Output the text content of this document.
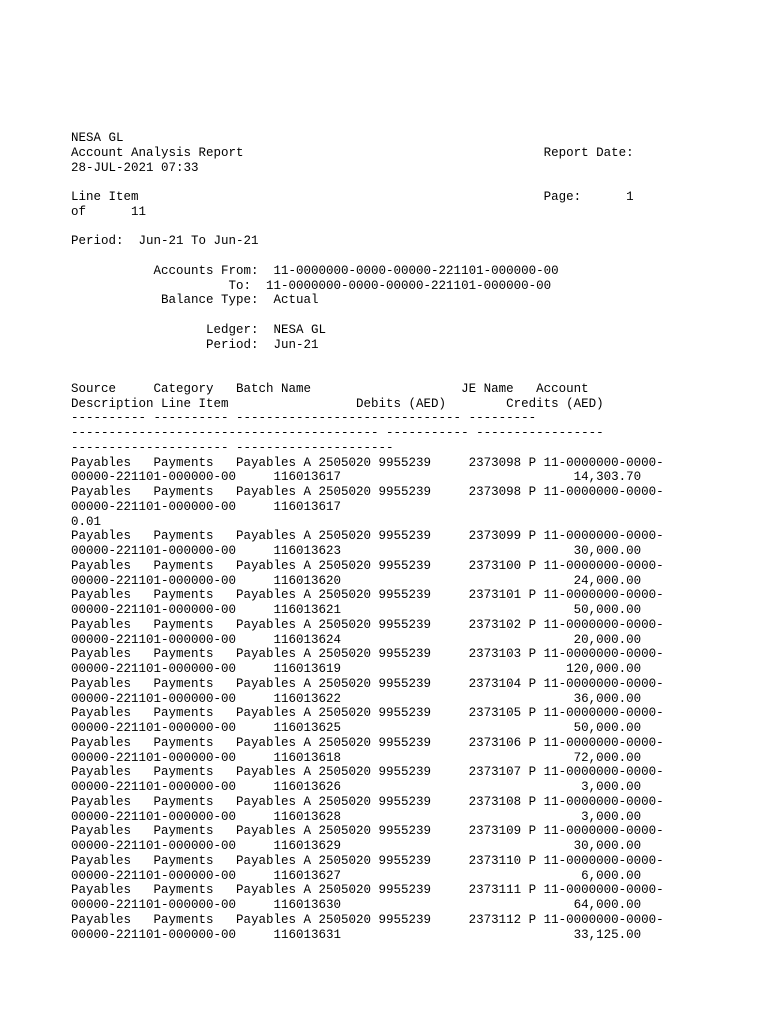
NESA GL
Account Analysis Report                                        Report Date:
28-JUL-2021 07:33
Line Item                                                      Page:      1
of      11
Period:  Jun-21 To Jun-21
Accounts From:  11-0000000-0000-00000-221101-000000-00
To:  11-0000000-0000-00000-221101-000000-00
Balance Type:  Actual
Ledger:  NESA GL
Period:  Jun-21
Source     Category   Batch Name                    JE Name   Account
Description Line Item                 Debits (AED)        Credits (AED)
---------- ---------- ------------------------------ ---------
----------------------------------------- ----------- -----------------
--------------------- ---------------------
Payables   Payments   Payables A 2505020 9955239     2373098 P 11-0000000-0000-
00000-221101-000000-00     116013617                               14,303.70
Payables   Payments   Payables A 2505020 9955239     2373098 P 11-0000000-0000-
00000-221101-000000-00     116013617
0.01
Payables   Payments   Payables A 2505020 9955239     2373099 P 11-0000000-0000-
00000-221101-000000-00     116013623                               30,000.00
Payables   Payments   Payables A 2505020 9955239     2373100 P 11-0000000-0000-
00000-221101-000000-00     116013620                               24,000.00
Payables   Payments   Payables A 2505020 9955239     2373101 P 11-0000000-0000-
00000-221101-000000-00     116013621                               50,000.00
Payables   Payments   Payables A 2505020 9955239     2373102 P 11-0000000-0000-
00000-221101-000000-00     116013624                               20,000.00
Payables   Payments   Payables A 2505020 9955239     2373103 P 11-0000000-0000-
00000-221101-000000-00     116013619                              120,000.00
Payables   Payments   Payables A 2505020 9955239     2373104 P 11-0000000-0000-
00000-221101-000000-00     116013622                               36,000.00
Payables   Payments   Payables A 2505020 9955239     2373105 P 11-0000000-0000-
00000-221101-000000-00     116013625                               50,000.00
Payables   Payments   Payables A 2505020 9955239     2373106 P 11-0000000-0000-
00000-221101-000000-00     116013618                               72,000.00
Payables   Payments   Payables A 2505020 9955239     2373107 P 11-0000000-0000-
00000-221101-000000-00     116013626                                3,000.00
Payables   Payments   Payables A 2505020 9955239     2373108 P 11-0000000-0000-
00000-221101-000000-00     116013628                                3,000.00
Payables   Payments   Payables A 2505020 9955239     2373109 P 11-0000000-0000-
00000-221101-000000-00     116013629                               30,000.00
Payables   Payments   Payables A 2505020 9955239     2373110 P 11-0000000-0000-
00000-221101-000000-00     116013627                                6,000.00
Payables   Payments   Payables A 2505020 9955239     2373111 P 11-0000000-0000-
00000-221101-000000-00     116013630                               64,000.00
Payables   Payments   Payables A 2505020 9955239     2373112 P 11-0000000-0000-
00000-221101-000000-00     116013631                               33,125.00
